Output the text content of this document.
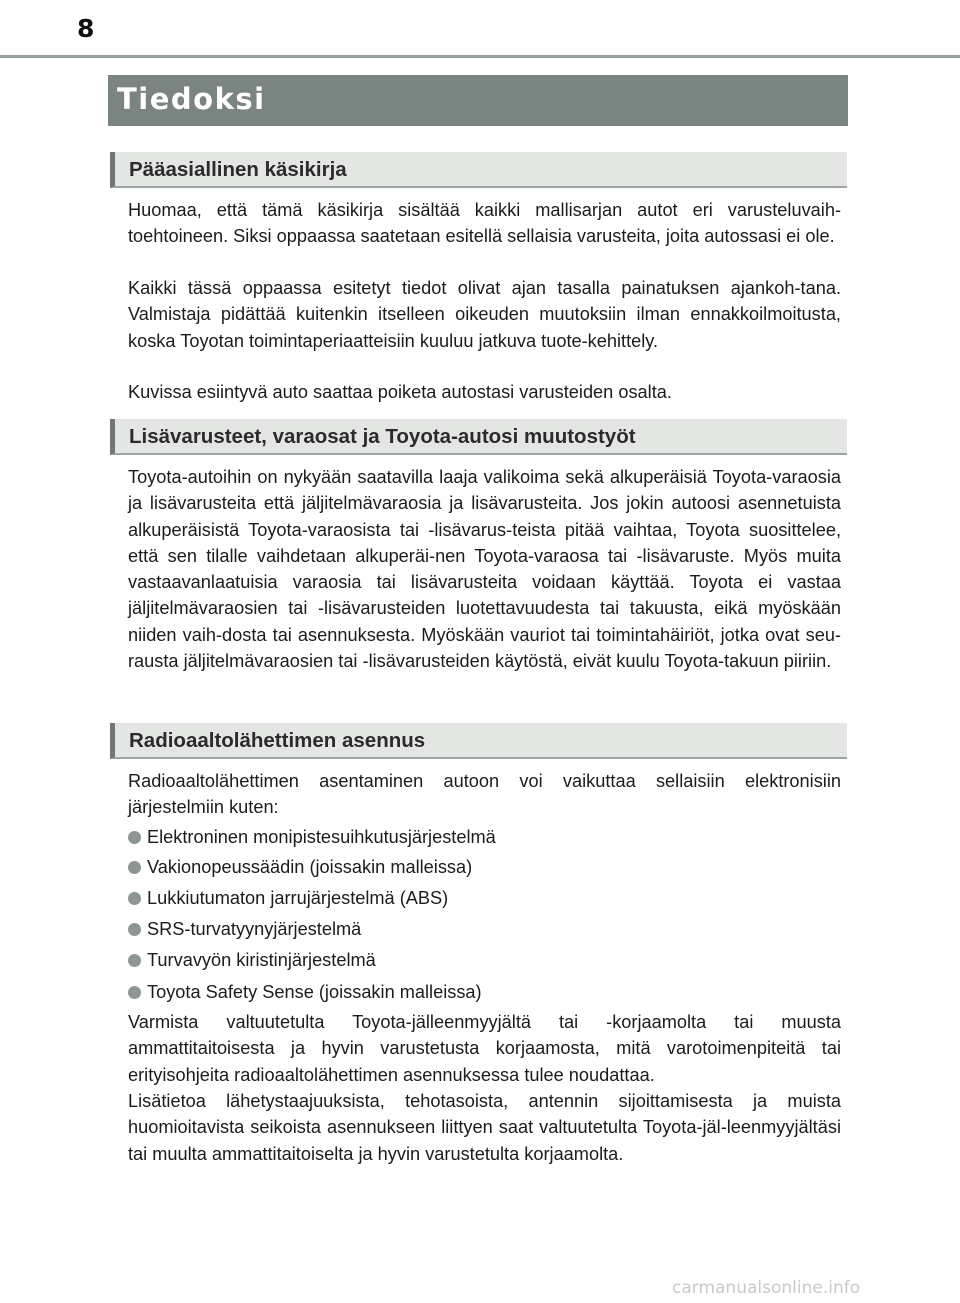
8
Tiedoksi
Pääasiallinen käsikirja

Huomaa, että tämä käsikirja sisältää kaikki mallisarjan autot eri varusteluvaih-toehtoineen. Siksi oppaassa saatetaan esitellä sellaisia varusteita, joita autossasi ei ole.

Kaikki tässä oppaassa esitetyt tiedot olivat ajan tasalla painatuksen ajankoh-tana. Valmistaja pidättää kuitenkin itselleen oikeuden muutoksiin ilman ennakkoilmoitusta, koska Toyotan toimintaperiaatteisiin kuuluu jatkuva tuote-kehittely.

Kuvissa esiintyvä auto saattaa poiketa autostasi varusteiden osalta.

Lisävarusteet, varaosat ja Toyota-autosi muutostyöt

Toyota-autoihin on nykyään saatavilla laaja valikoima sekä alkuperäisiä Toyota-varaosia ja lisävarusteita että jäljitelmävaraosia ja lisävarusteita. Jos jokin autoosi asennetuista alkuperäisistä Toyota-varaosista tai -lisävarus-teista pitää vaihtaa, Toyota suosittelee, että sen tilalle vaihdetaan alkuperäi-nen Toyota-varaosa tai -lisävaruste. Myös muita vastaavanlaatuisia varaosia tai lisävarusteita voidaan käyttää. Toyota ei vastaa jäljitelmävaraosien tai -lisävarusteiden luotettavuudesta tai takuusta, eikä myöskään niiden vaih-dosta tai asennuksesta. Myöskään vauriot tai toimintahäiriöt, jotka ovat seu-rausta jäljitelmävaraosien tai -lisävarusteiden käytöstä, eivät kuulu Toyota-takuun piiriin.

Radioaaltolähettimen asennus

Radioaaltolähettimen asentaminen autoon voi vaikuttaa sellaisiin elektronisiin järjestelmiin kuten:

Elektroninen monipistesuihkutusjärjestelmä
Vakionopeussäädin (joissakin malleissa)
Lukkiutumaton jarrujärjestelmä (ABS)
SRS-turvatyynyjärjestelmä
Turvavyön kiristinjärjestelmä
Toyota Safety Sense (joissakin malleissa)

Varmista valtuutetulta Toyota-jälleenmyyjältä tai -korjaamolta tai muusta ammattitaitoisesta ja hyvin varustetusta korjaamosta, mitä varotoimenpiteitä tai erityisohjeita radioaaltolähettimen asennuksessa tulee noudattaa.

Lisätietoa lähetystaajuuksista, tehotasoista, antennin sijoittamisesta ja muista huomioitavista seikoista asennukseen liittyen saat valtuutetulta Toyota-jäl-leenmyyjältäsi tai muulta ammattitaitoiselta ja hyvin varustetulta korjaamolta.

carmanualsonline.info
